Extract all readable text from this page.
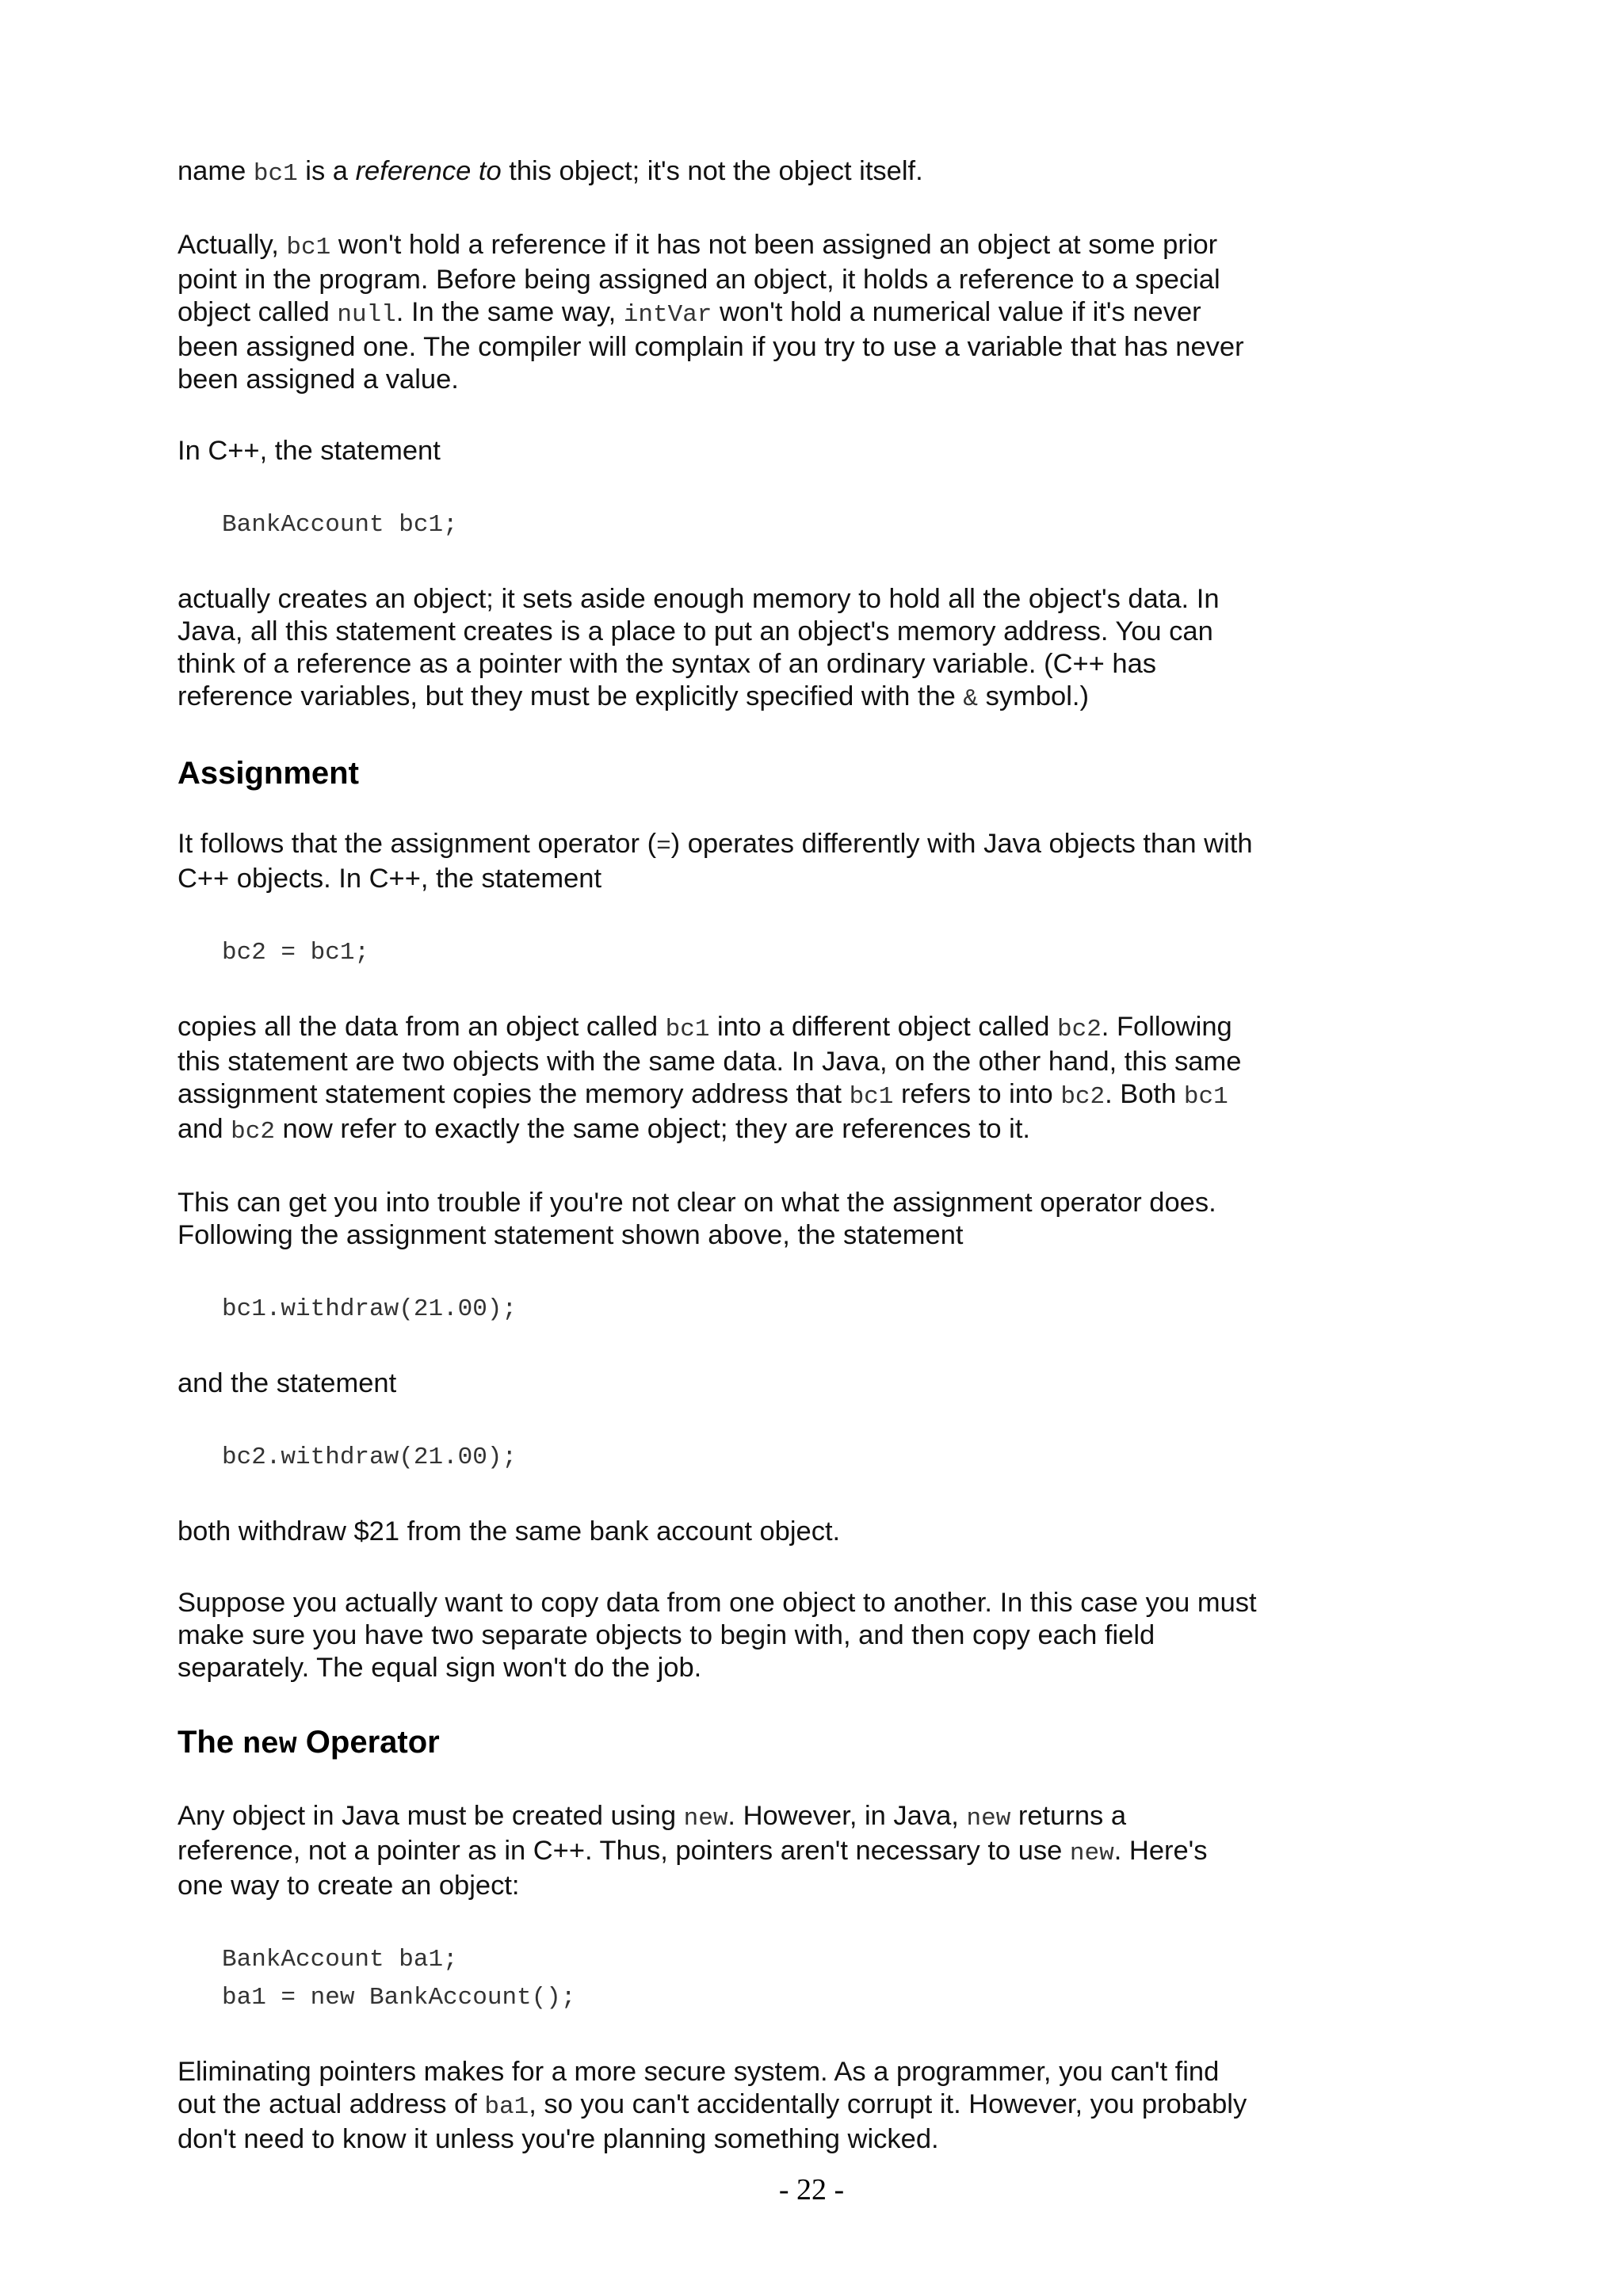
name bc1 is a reference to this object; it's not the object itself.

Actually, bc1 won't hold a reference if it has not been assigned an object at some prior
point in the program. Before being assigned an object, it holds a reference to a special
object called null. In the same way, intVar won't hold a numerical value if it's never
been assigned one. The compiler will complain if you try to use a variable that has never
been assigned a value.

In C++, the statement

BankAccount bc1;

actually creates an object; it sets aside enough memory to hold all the object's data. In
Java, all this statement creates is a place to put an object's memory address. You can
think of a reference as a pointer with the syntax of an ordinary variable. (C++ has
reference variables, but they must be explicitly specified with the & symbol.)

Assignment

It follows that the assignment operator (=) operates differently with Java objects than with
C++ objects. In C++, the statement

bc2 = bc1;

copies all the data from an object called bc1 into a different object called bc2. Following
this statement are two objects with the same data. In Java, on the other hand, this same
assignment statement copies the memory address that bc1 refers to into bc2. Both bc1
and bc2 now refer to exactly the same object; they are references to it.

This can get you into trouble if you're not clear on what the assignment operator does.
Following the assignment statement shown above, the statement

bc1.withdraw(21.00);

and the statement

bc2.withdraw(21.00);

both withdraw $21 from the same bank account object.

Suppose you actually want to copy data from one object to another. In this case you must
make sure you have two separate objects to begin with, and then copy each field
separately. The equal sign won't do the job.

The new Operator

Any object in Java must be created using new. However, in Java, new returns a
reference, not a pointer as in C++. Thus, pointers aren't necessary to use new. Here's
one way to create an object:

BankAccount ba1;
ba1 = new BankAccount();

Eliminating pointers makes for a more secure system. As a programmer, you can't find
out the actual address of ba1, so you can't accidentally corrupt it. However, you probably
don't need to know it unless you're planning something wicked.

- 22 -
